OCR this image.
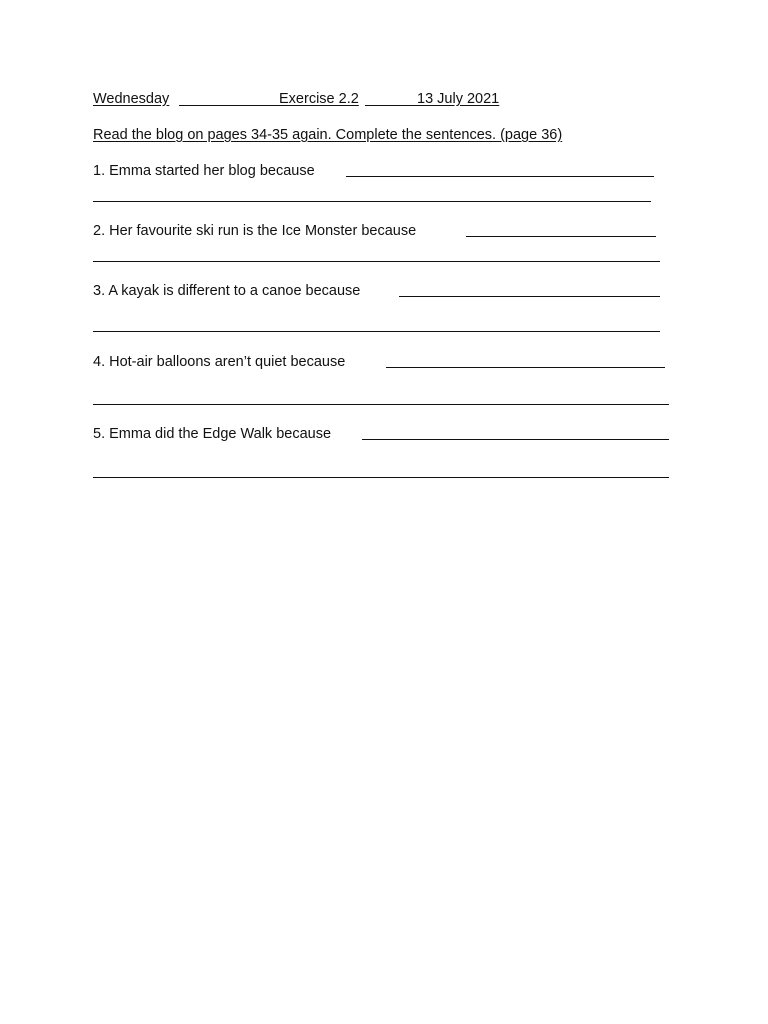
Wednesday	Exercise 2.2	13 July 2021
Read the blog on pages 34-35 again. Complete the sentences. (page 36)
1. Emma started her blog because
2. Her favourite ski run is the Ice Monster because
3. A kayak is different to a canoe because
4. Hot-air balloons aren’t quiet because
5. Emma did the Edge Walk because
